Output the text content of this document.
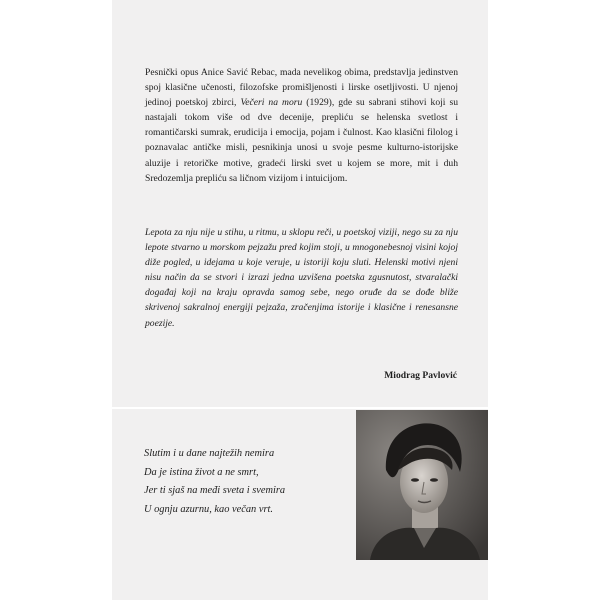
Pesnički opus Anice Savić Rebac, mada nevelikog obima, predstavlja jedinstven spoj klasične učenosti, filozofske promišljenosti i lirske osetljivosti. U njenoj jedinoj poetskoj zbirci, Večeri na moru (1929), gde su sabrani stihovi koji su nastajali tokom više od dve decenije, prepliću se helenska svetlost i romantičarski sumrak, erudicija i emocija, pojam i čulnost. Kao klasični filolog i poznavalac antičke misli, pesnikinja unosi u svoje pesme kulturno-istorijske aluzije i retoričke motive, gradeći lirski svet u kojem se more, mit i duh Sredozemlja prepliću sa ličnom vizijom i intuicijom.

Lepota za nju nije u stihu, u ritmu, u sklopu reči, u poetskoj viziji, nego su za nju lepote stvarno u morskom pejzažu pred kojim stoji, u mnogonebesnoj visini kojoj diže pogled, u idejama u koje veruje, u istoriji koju sluti. Helenski motivi njeni nisu način da se stvori i izrazi jedna uzvišena poetska zgusnutost, stvaralački događaj koji na kraju opravda samog sebe, nego oruđe da se dođe bliže skrivenoj sakralnoj energiji pejzaža, zračenjima istorije i klasične i renesansne poezije.

Miodrag Pavlović

Slutim i u dane najtežih nemira
Da je istina život a ne smrt,
Jer ti sjaš na međi sveta i svemira
U ognju azurnu, kao večan vrt.
